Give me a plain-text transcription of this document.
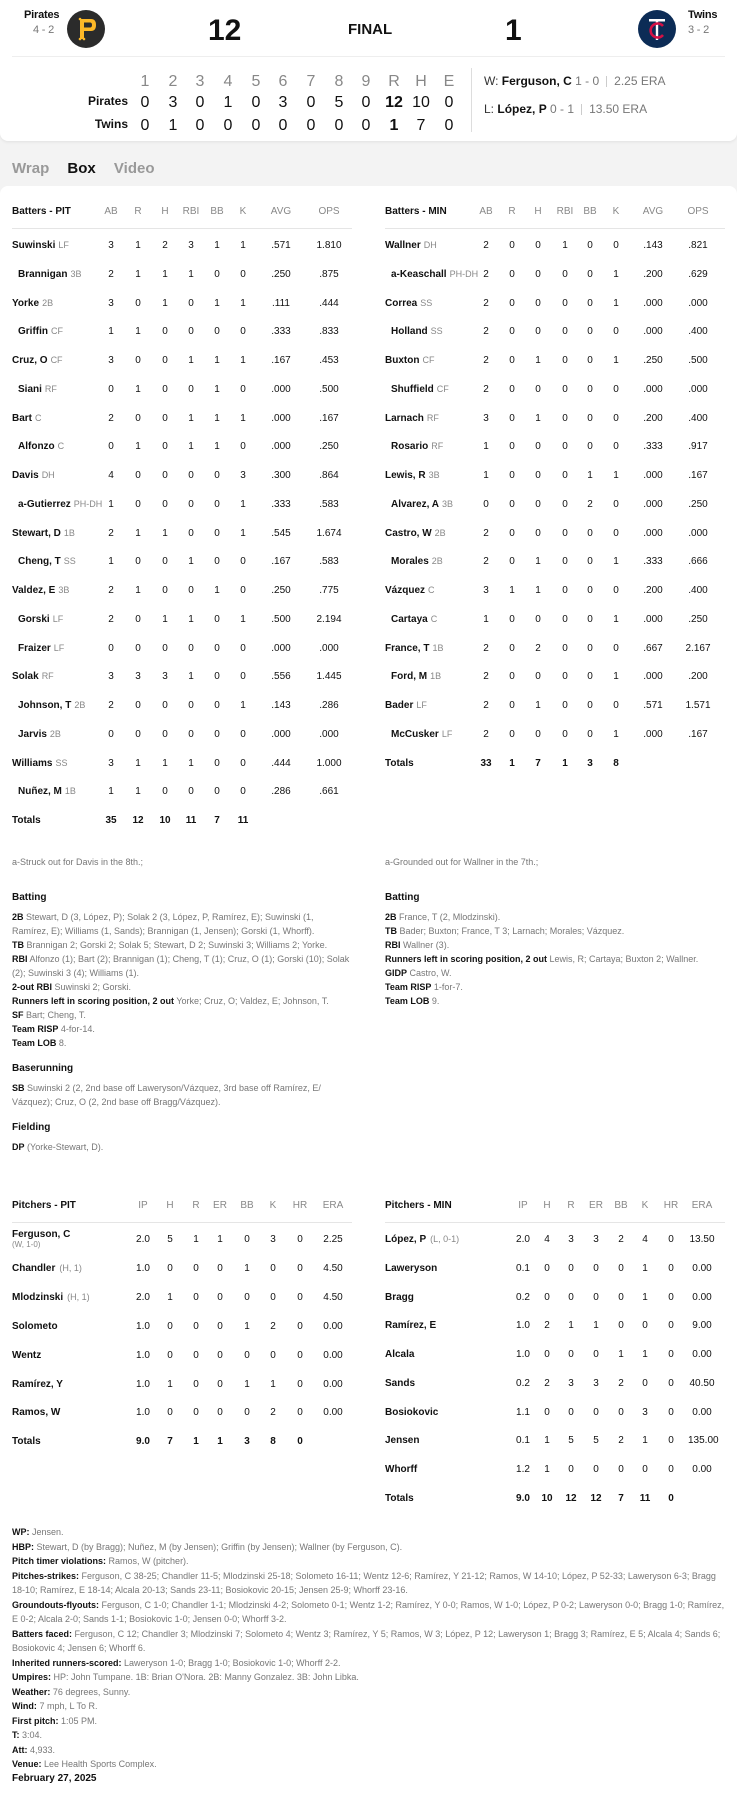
Pirates
4 - 2	12	FINAL	1	Twins
3 - 2
1	2	3	4	5	6	7	8	9	R H E
Pirates 0	3	0	1	0	3	0	5	0 12 10 0
Twins 0	1	0	0	0	0	0	0	0	1	7	0
W: Ferguson, C 1 - 0 2.25 ERA
L: López, P 0 - 1 13.50 ERA
Wrap Box Video
Batters - PIT	AB	R	H	RBI	BB	K	AVG	OPS
Suwinski LF	3	1	2	3	1	1	.571	1.810
Brannigan 3B	2	1	1	1	0	0	.250	.875
Yorke 2B	3	0	1	0	1	1	.111	.444
Griffin CF	1	1	0	0	0	0	.333	.833
Cruz, O CF	3	0	0	1	1	1	.167	.453
Siani RF	0	1	0	0	1	0	.000	.500
Bart C	2	0	0	1	1	1	.000	.167
Alfonzo C	0	1	0	1	1	0	.000	.250
Davis DH	4	0	0	0	0	3	.300	.864
a-Gutierrez PH-DH 1	0	0	0	0	1	.333	.583
Stewart, D 1B	2	1	1	0	0	1	.545	1.674
Cheng, T SS	1	0	0	1	0	0	.167	.583
Valdez, E 3B	2	1	0	0	1	0	.250	.775
Gorski LF	2	0	1	1	0	1	.500	2.194
Fraizer LF	0	0	0	0	0	0	.000	.000
Solak RF	3	3	3	1	0	0	.556	1.445
Johnson, T 2B	2	0	0	0	0	1	.143	.286
Jarvis 2B	0	0	0	0	0	0	.000	.000
Williams SS	3	1	1	1	0	0	.444	1.000
Nuñez, M 1B	1	1	0	0	0	0	.286	.661
Totals	35	12	10	11	7	11
Batters - MIN	AB	R	H	RBI	BB	K	AVG	OPS
Wallner DH	2	0	0	1	0	0	.143	.821
a-Keaschall PH-DH 2	0	0	0	0	1	.200	.629
Correa SS	2	0	0	0	0	1	.000	.000
Holland SS	2	0	0	0	0	0	.000	.400
Buxton CF	2	0	1	0	0	1	.250	.500
Shuffield CF	2	0	0	0	0	0	.000	.000
Larnach RF	3	0	1	0	0	0	.200	.400
Rosario RF	1	0	0	0	0	0	.333	.917
Lewis, R 3B	1	0	0	0	1	1	.000	.167
Alvarez, A 3B	0	0	0	0	2	0	.000	.250
Castro, W 2B	2	0	0	0	0	0	.000	.000
Morales 2B	2	0	1	0	0	1	.333	.666
Vázquez C	3	1	1	0	0	0	.200	.400
Cartaya C	1	0	0	0	0	1	.000	.250
France, T 1B	2	0	2	0	0	0	.667	2.167
Ford, M 1B	2	0	0	0	0	1	.000	.200
Bader LF	2	0	1	0	0	0	.571	1.571
McCusker LF	2	0	0	0	0	1	.000	.167
Totals	33	1	7	1	3	8

a-Struck out for Davis in the 8th.;

Batting

2B Stewart, D (3, López, P); Solak 2 (3, López, P, Ramírez, E); Suwinski (1, Ramírez, E); Williams (1, Sands); Brannigan (1, Jensen); Gorski (1, Whorff).

TB Brannigan 2; Gorski 2; Solak 5; Stewart, D 2; Suwinski 3; Williams 2; Yorke.

RBI Alfonzo (1); Bart (2); Brannigan (1); Cheng, T (1); Cruz, O (1); Gorski (10); Solak (2); Suwinski 3 (4); Williams (1).

2-out RBI Suwinski 2; Gorski.

Runners left in scoring position, 2 out Yorke; Cruz, O; Valdez, E; Johnson, T.

SF Bart; Cheng, T.

Team RISP 4-for-14.

Team LOB 8.

Baserunning

SB Suwinski 2 (2, 2nd base off Laweryson/Vázquez, 3rd base off Ramírez, E/ Vázquez); Cruz, O (2, 2nd base off Bragg/Vázquez).

Fielding

DP (Yorke-Stewart, D).

a-Grounded out for Wallner in the 7th.;

Batting

2B France, T (2, Mlodzinski).

TB Bader; Buxton; France, T 3; Larnach; Morales; Vázquez.

RBI Wallner (3).

Runners left in scoring position, 2 out Lewis, R; Cartaya; Buxton 2; Wallner.

GIDP Castro, W.

Team RISP 1-for-7.

Team LOB 9.

Pitchers - PIT	IP	H	R	ER	BB	K	HR	ERA
Ferguson, C
(W, 1-0)	2.0	5	1	1	0	3	0	2.25
Chandler (H, 1)	1.0	0	0	0	1	0	0	4.50
Mlodzinski (H, 1)	2.0	1	0	0	0	0	0	4.50
Solometo	1.0	0	0	0	1	2	0	0.00
Wentz	1.0	0	0	0	0	0	0	0.00
Ramírez, Y	1.0	1	0	0	1	1	0	0.00
Ramos, W	1.0	0	0	0	0	2	0	0.00
Totals	9.0	7	1	1	3	8	0
Pitchers - MIN	IP	H	R	ER	BB	K	HR	ERA
López, P (L, 0-1)	2.0	4	3	3	2	4	0	13.50
Laweryson	0.1	0	0	0	0	1	0	0.00
Bragg	0.2	0	0	0	0	1	0	0.00
Ramírez, E	1.0	2	1	1	0	0	0	9.00
Alcala	1.0	0	0	0	1	1	0	0.00
Sands	0.2	2	3	3	2	0	0	40.50
Bosiokovic	1.1	0	0	0	0	3	0	0.00
Jensen	0.1	1	5	5	2	1	0	135.00
Whorff	1.2	1	0	0	0	0	0	0.00
Totals	9.0	10	12	12	7	11	0

WP: Jensen.

HBP: Stewart, D (by Bragg); Nuñez, M (by Jensen); Griffin (by Jensen); Wallner (by Ferguson, C).

Pitch timer violations: Ramos, W (pitcher).

Pitches-strikes: Ferguson, C 38-25; Chandler 11-5; Mlodzinski 25-18; Solometo 16-11; Wentz 12-6; Ramírez, Y 21-12; Ramos, W 14-10; López, P 52-33; Laweryson 6-3; Bragg 18-10; Ramírez, E 18-14; Alcala 20-13; Sands 23-11; Bosiokovic 20-15; Jensen 25-9; Whorff 23-16.

Groundouts-flyouts: Ferguson, C 1-0; Chandler 1-1; Mlodzinski 4-2; Solometo 0-1; Wentz 1-2; Ramírez, Y 0-0; Ramos, W 1-0; López, P 0-2; Laweryson 0-0; Bragg 1-0; Ramírez, E 0-2; Alcala 2-0; Sands 1-1; Bosiokovic 1-0; Jensen 0-0; Whorff 3-2.

Batters faced: Ferguson, C 12; Chandler 3; Mlodzinski 7; Solometo 4; Wentz 3; Ramírez, Y 5; Ramos, W 3; López, P 12; Laweryson 1; Bragg 3; Ramírez, E 5; Alcala 4; Sands 6; Bosiokovic 4; Jensen 6; Whorff 6.

Inherited runners-scored: Laweryson 1-0; Bragg 1-0; Bosiokovic 1-0; Whorff 2-2.

Umpires: HP: John Tumpane. 1B: Brian O'Nora. 2B: Manny Gonzalez. 3B: John Libka.

Weather: 76 degrees, Sunny.

Wind: 7 mph, L To R.

First pitch: 1:05 PM.

T: 3:04.

Att: 4,933.

Venue: Lee Health Sports Complex.

February 27, 2025
